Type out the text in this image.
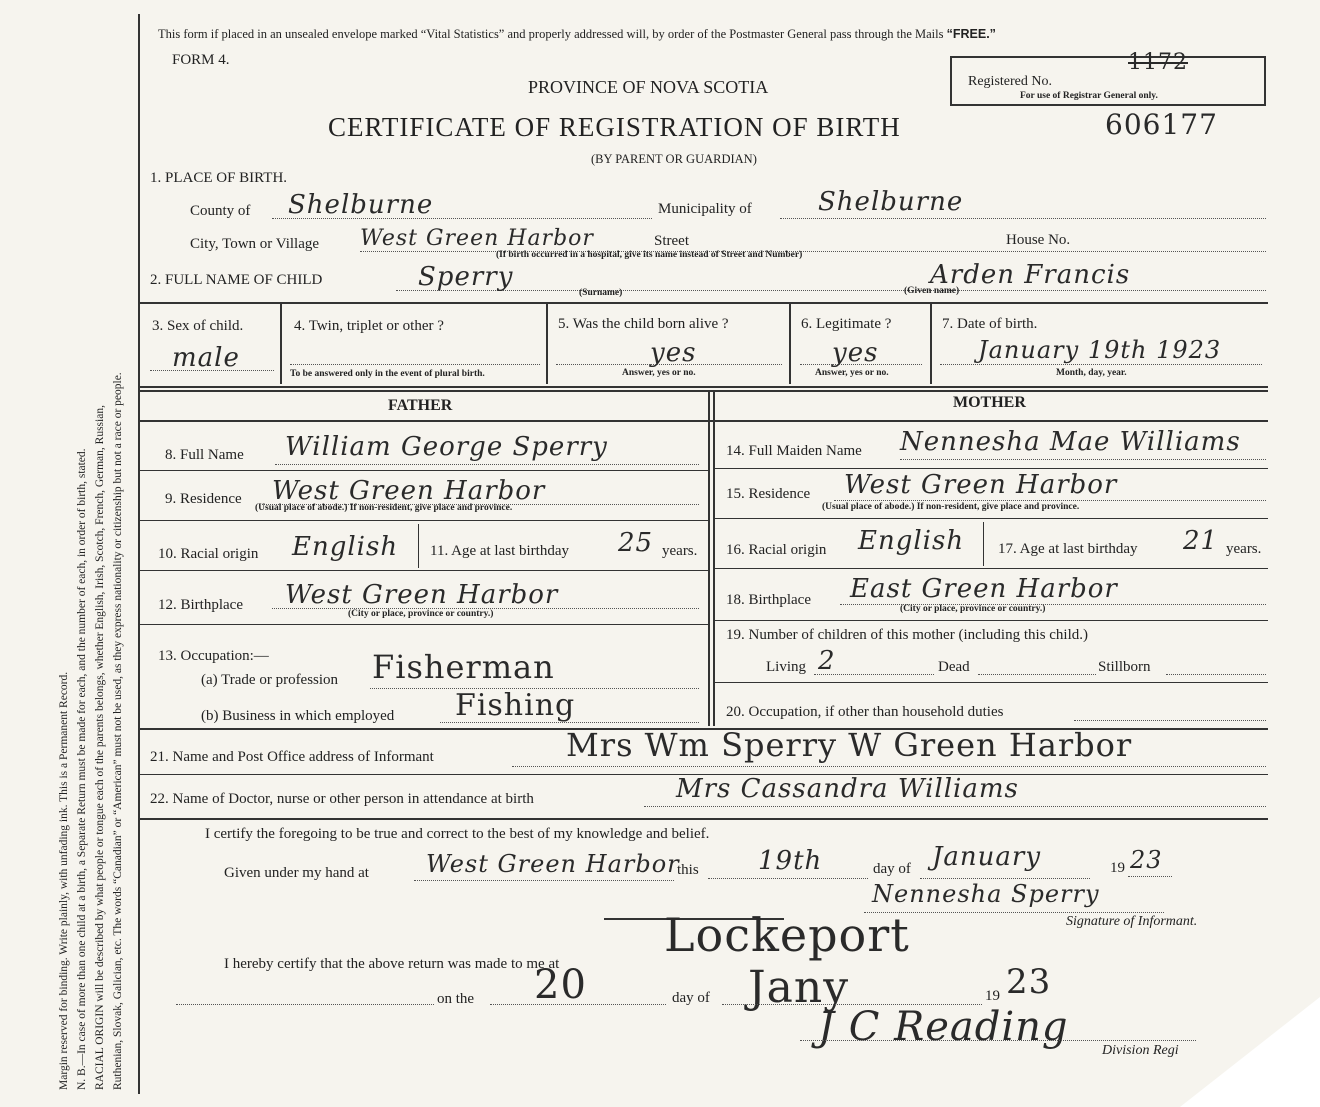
Margin reserved for binding. Write plainly, with unfading ink. This is a Permanent Record. N. B.—In case of more than one child at a birth, a Separate Return must be made for each, and the number of each, in order of birth, stated. RACIAL ORIGIN will be described by what people or tongue each of the parents belongs, whether English, Irish, Scotch, French, German, Russian, Ruthenian, Slovak, Galician, etc. The words “Canadian” or “American” must not be used, as they express nationality or citizenship but not a race or people.
This form if placed in an unsealed envelope marked “Vital Statistics” and properly addressed will, by order of the Postmaster General pass through the Mails “FREE.”
FORM 4.
PROVINCE OF NOVA SCOTIA
CERTIFICATE OF REGISTRATION OF BIRTH	606177
(BY PARENT OR GUARDIAN)
Registered No.
For use of Registrar General only.
1172
1. PLACE OF BIRTH.
County of Shelburne	Municipality of	Shelburne
City, Town or Village West Green Harbor	Street	House No.
(If birth occurred in a hospital, give its name instead of Street and Number)
2. FULL NAME OF CHILD	Sperry
(Surname)
Arden Francis
(Given name)
3. Sex of child.
male
4. Twin, triplet or other ?
To be answered only in the event of plural birth.
5. Was the child born alive ?
yes
Answer, yes or no.
6. Legitimate ?
yes
Answer, yes or no.
7. Date of birth.
January 19th 1923
Month, day, year.
FATHER	MOTHER
8. Full Name William George Sperry
9. Residence West Green Harbor
(Usual place of abode.) If non-resident, give place and province.
10. Racial origin English 11. Age at last birthday 25 years.
12. Birthplace West Green Harbor
(City or place, province or country.)
13. Occupation:—
(a) Trade or profession Fisherman
(b) Business in which employed Fishing
14. Full Maiden Name Nennesha Mae Williams
15. Residence West Green Harbor
(Usual place of abode.) If non-resident, give place and province.
16. Racial origin English 17. Age at last birthday 21 years.
18. Birthplace East Green Harbor
(City or place, province or country.)
19. Number of children of this mother (including this child.)
Living 2	Dead	Stillborn
20. Occupation, if other than household duties
21. Name and Post Office address of Informant	Mrs Wm Sperry W Green Harbor
22. Name of Doctor, nurse or other person in attendance at birth	Mrs Cassandra Williams
I certify the foregoing to be true and correct to the best of my knowledge and belief.
Given under my hand at West Green Harbor
this 19th	day of January	19 23
Nennesha Sperry
Signature of Informant.
I hereby certify that the above return was made to me at
Lockeport
on the 20	day of Jany	19 23
J C Reading
Division Regi
